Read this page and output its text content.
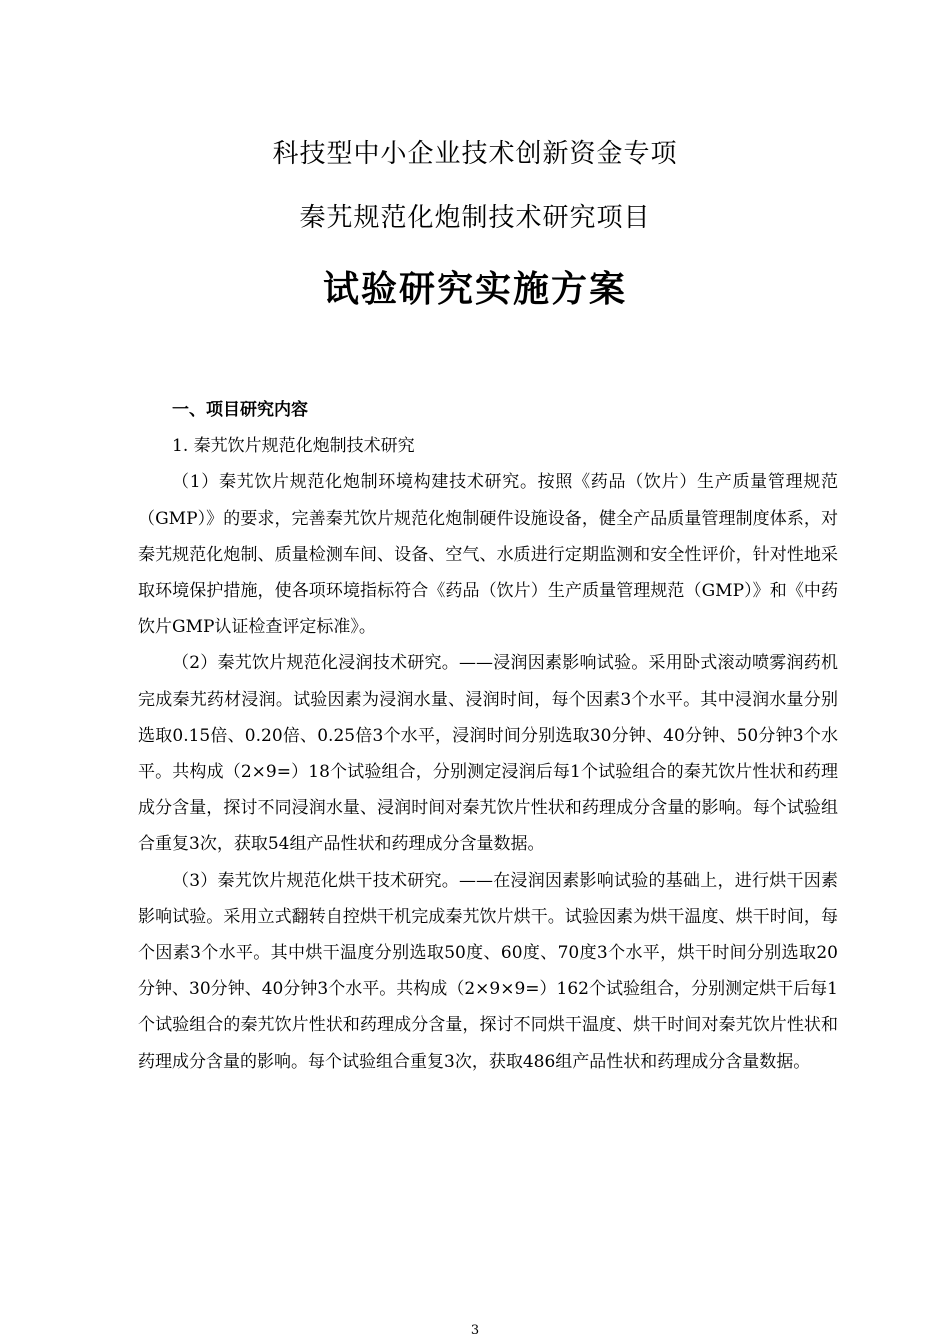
科技型中小企业技术创新资金专项
秦艽规范化炮制技术研究项目
试验研究实施方案

一、项目研究内容

1. 秦艽饮片规范化炮制技术研究

（1）秦艽饮片规范化炮制环境构建技术研究。按照《药品（饮片）生产质量管理规范（GMP）》的要求，完善秦艽饮片规范化炮制硬件设施设备，健全产品质量管理制度体系，对秦艽规范化炮制、质量检测车间、设备、空气、水质进行定期监测和安全性评价，针对性地采取环境保护措施，使各项环境指标符合《药品（饮片）生产质量管理规范（GMP）》和《中药饮片GMP认证检查评定标准》。

（2）秦艽饮片规范化浸润技术研究。——浸润因素影响试验。采用卧式滚动喷雾润药机完成秦艽药材浸润。试验因素为浸润水量、浸润时间，每个因素3个水平。其中浸润水量分别选取0.15倍、0.20倍、0.25倍3个水平，浸润时间分别选取30分钟、40分钟、50分钟3个水平。共构成（2×9=）18个试验组合，分别测定浸润后每1个试验组合的秦艽饮片性状和药理成分含量，探讨不同浸润水量、浸润时间对秦艽饮片性状和药理成分含量的影响。每个试验组合重复3次，获取54组产品性状和药理成分含量数据。

（3）秦艽饮片规范化烘干技术研究。——在浸润因素影响试验的基础上，进行烘干因素影响试验。采用立式翻转自控烘干机完成秦艽饮片烘干。试验因素为烘干温度、烘干时间，每个因素3个水平。其中烘干温度分别选取50度、60度、70度3个水平，烘干时间分别选取20分钟、30分钟、40分钟3个水平。共构成（2×9×9=）162个试验组合，分别测定烘干后每1个试验组合的秦艽饮片性状和药理成分含量，探讨不同烘干温度、烘干时间对秦艽饮片性状和药理成分含量的影响。每个试验组合重复3次，获取486组产品性状和药理成分含量数据。

3
